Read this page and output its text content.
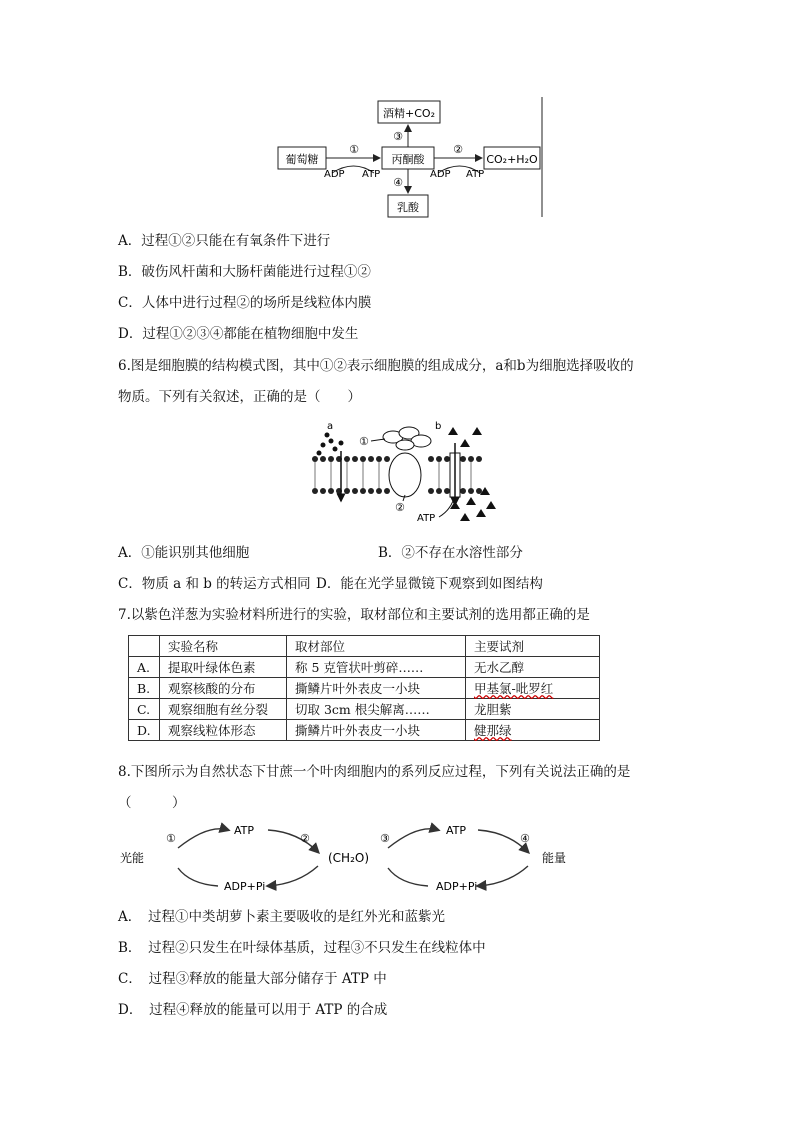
酒精+CO₂
葡萄糖	丙酮酸	CO₂+H₂O
乳酸
①
ADP ATP
②
ADP ATP
③
④
A．过程①②只能在有氧条件下进行
B．破伤风杆菌和大肠杆菌能进行过程①②
C．人体中进行过程②的场所是线粒体内膜
D．过程①②③④都能在植物细胞中发生
6.图是细胞膜的结构模式图，其中①②表示细胞膜的组成成分，a和b为细胞选择吸收的
物质。下列有关叙述，正确的是（　　）
a	b
①
②
ATP
A．①能识别其他细胞	B．②不存在水溶性部分
C．物质 a 和 b 的转运方式相同 D．能在光学显微镜下观察到如图结构
7.以紫色洋葱为实验材料所进行的实验，取材部位和主要试剂的选用都正确的是
	实验名称	取材部位	主要试剂
A.	提取叶绿体色素	称 5 克管状叶剪碎……	无水乙醇
B.	观察核酸的分布	撕鳞片叶外表皮一小块	甲基氯-吡罗红
C.	观察细胞有丝分裂	切取 3cm 根尖解离……	龙胆紫
D.	观察线粒体形态	撕鳞片叶外表皮一小块	健那绿
8.下图所示为自然状态下甘蔗一个叶肉细胞内的系列反应过程，下列有关说法正确的是
（　　　）
光能
ATP
ADP+Pi
①	②
(CH₂O)
ATP
ADP+Pi
③	④
能量
A．　过程①中类胡萝卜素主要吸收的是红外光和蓝紫光
B．　过程②只发生在叶绿体基质，过程③不只发生在线粒体中
C．　过程③释放的能量大部分储存于 ATP 中
D．　过程④释放的能量可以用于 ATP 的合成
